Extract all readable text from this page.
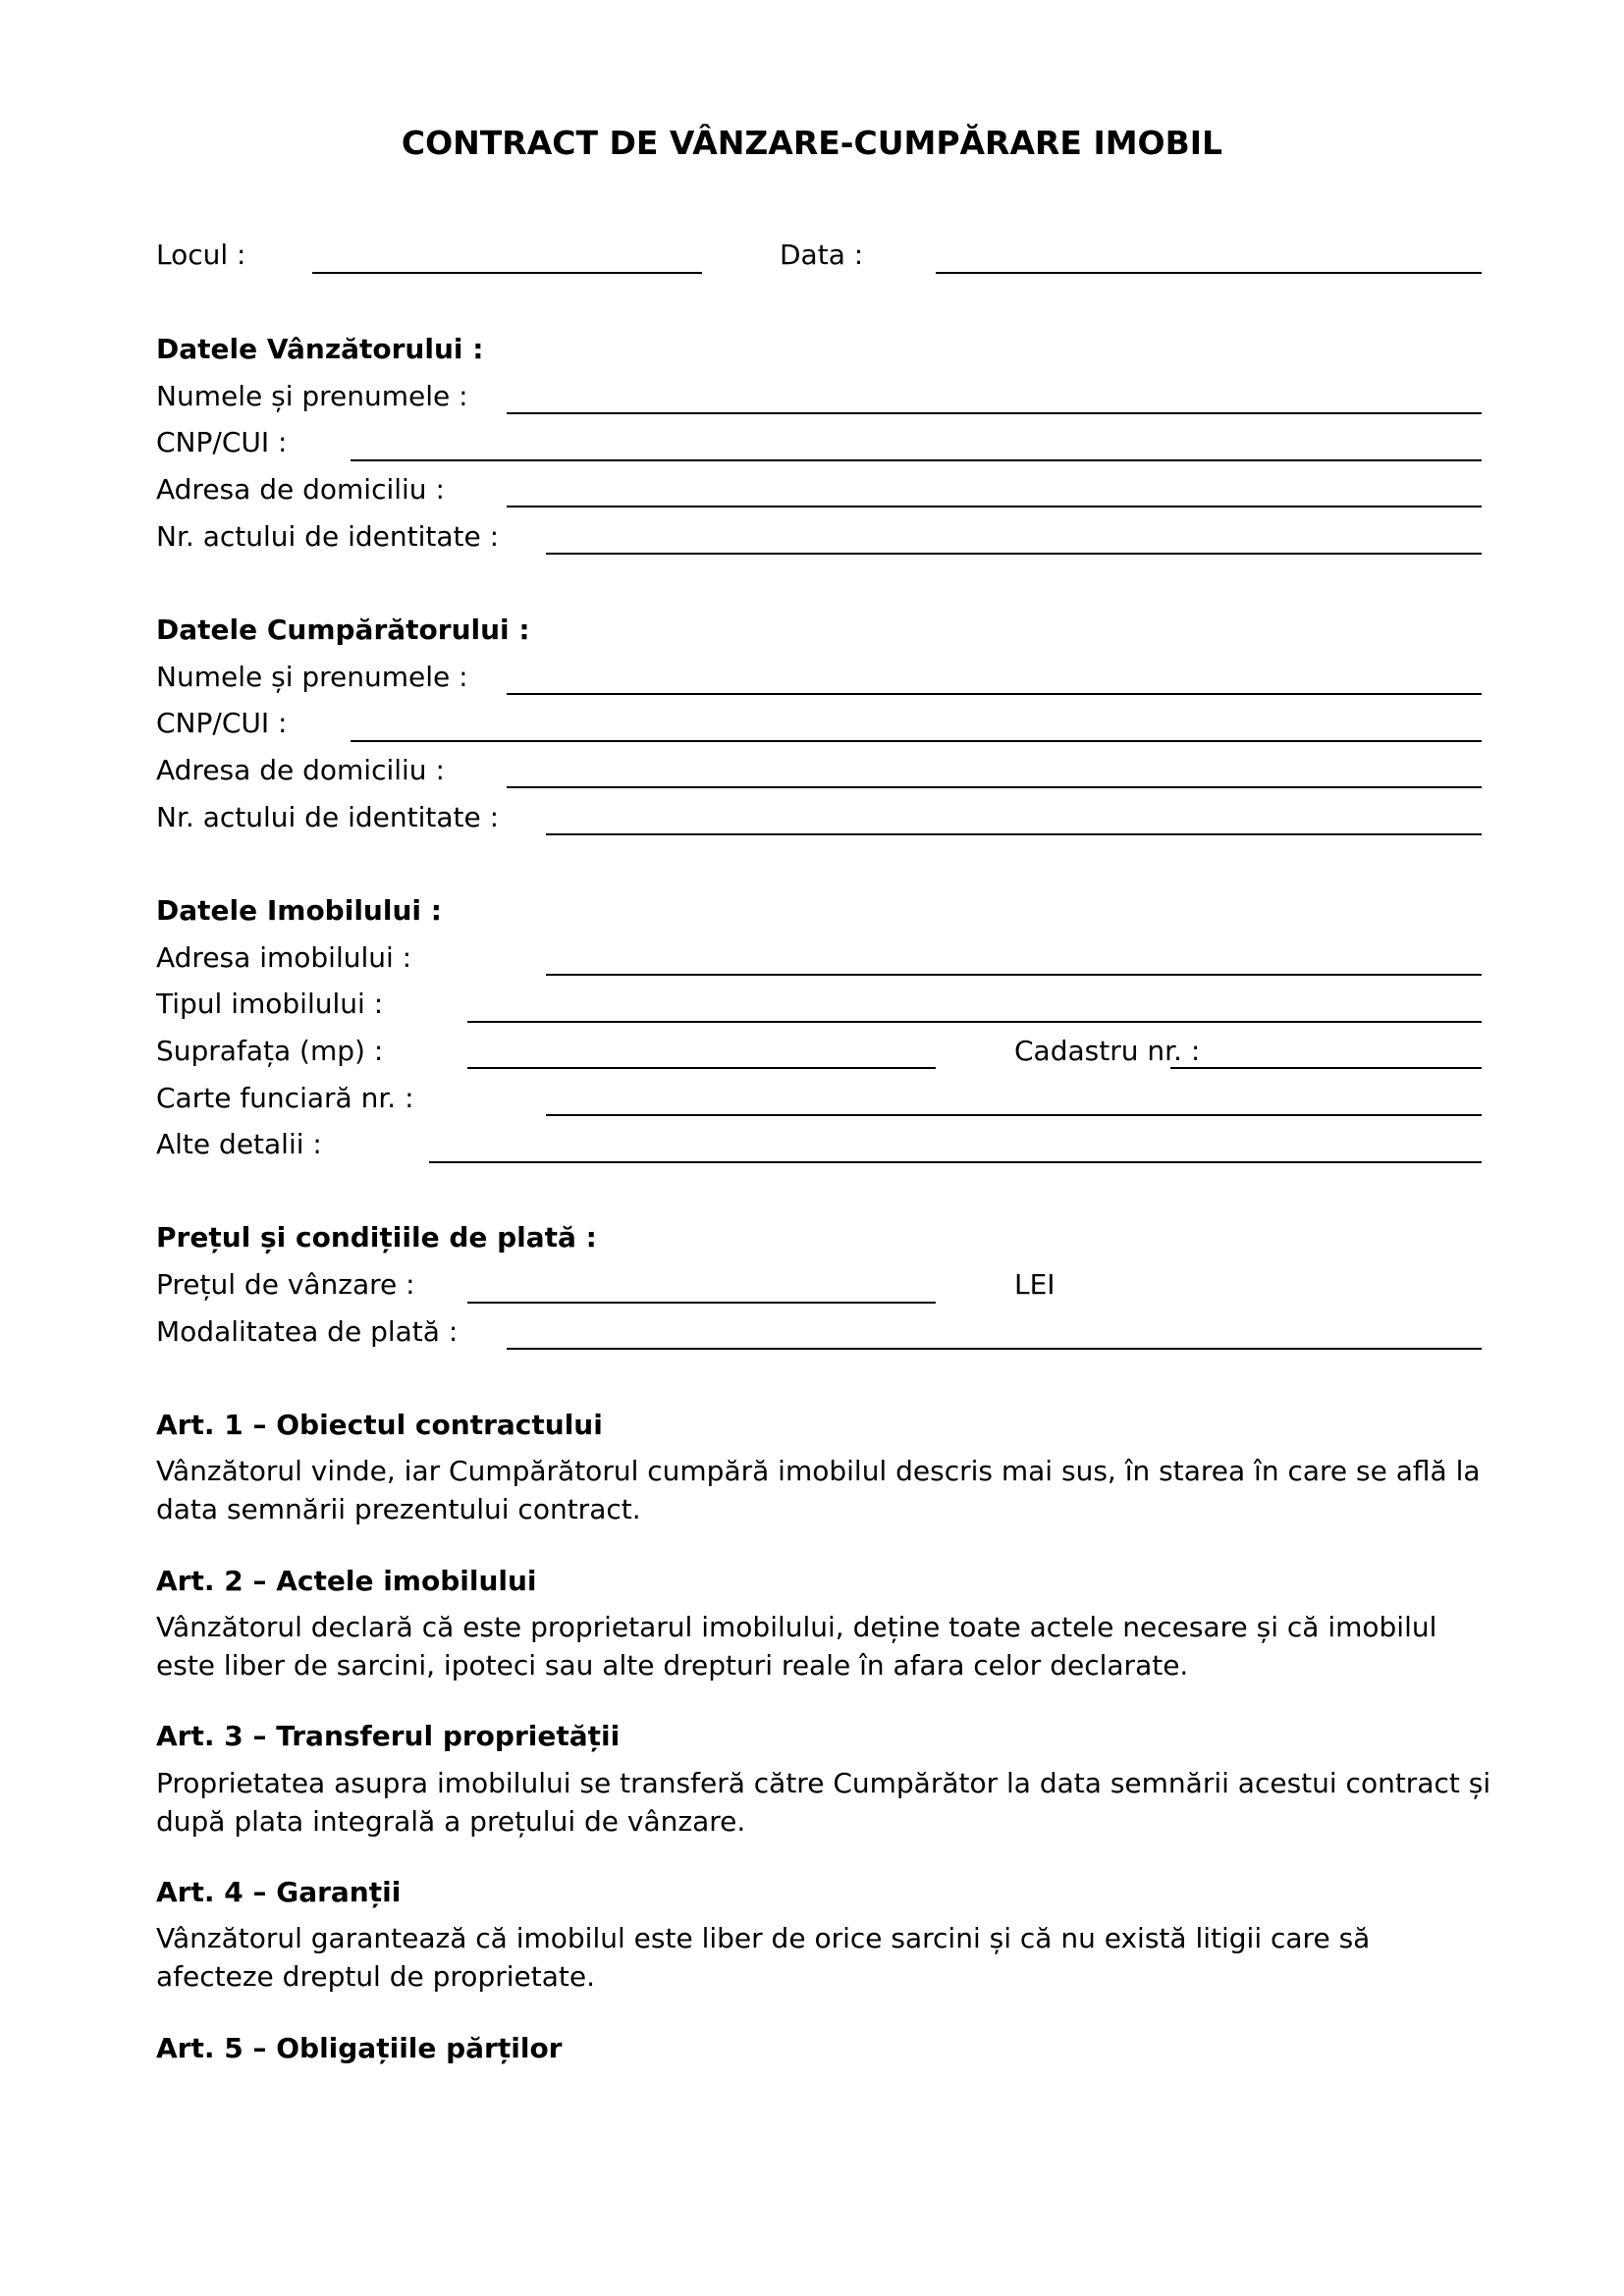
CONTRACT DE VÂNZARE-CUMPĂRARE IMOBIL
Locul :	Data :
Datele Vânzătorului :
Numele și prenumele :
CNP/CUI :
Adresa de domiciliu :
Nr. actului de identitate :
Datele Cumpărătorului :
Numele și prenumele :
CNP/CUI :
Adresa de domiciliu :
Nr. actului de identitate :
Datele Imobilului :
Adresa imobilului :
Tipul imobilului :
Suprafața (mp) :	Cadastru nr. :
Carte funciară nr. :
Alte detalii :
Prețul și condițiile de plată :
Prețul de vânzare :	LEI
Modalitatea de plată :
Art. 1 – Obiectul contractului
Vânzătorul vinde, iar Cumpărătorul cumpără imobilul descris mai sus, în starea în care se află la data semnării prezentului contract.
Art. 2 – Actele imobilului
Vânzătorul declară că este proprietarul imobilului, deține toate actele necesare și că imobilul este liber de sarcini, ipoteci sau alte drepturi reale în afara celor declarate.
Art. 3 – Transferul proprietății
Proprietatea asupra imobilului se transferă către Cumpărător la data semnării acestui contract și după plata integrală a prețului de vânzare.
Art. 4 – Garanții
Vânzătorul garantează că imobilul este liber de orice sarcini și că nu există litigii care să afecteze dreptul de proprietate.
Art. 5 – Obligațiile părților
